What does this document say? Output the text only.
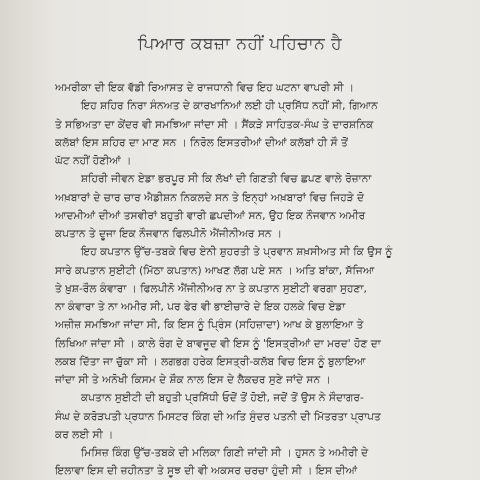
ਪਿਆਰ ਕਬਜ਼ਾ ਨਹੀਂ ਪਹਿਚਾਨ ਹੈ
ਅਮਰੀਕਾ ਦੀ ਇਕ ਵੱਡੀ ਰਿਆਸਤ ਦੇ ਰਾਜਧਾਨੀ ਵਿਚ ਇਹ ਘਟਨਾ ਵਾਪਰੀ ਸੀ ।
ਇਹ ਸ਼ਹਿਰ ਨਿਰਾ ਸੰਨਅਤ ਦੇ ਕਾਰਖਾਨਿਆਂ ਲਈ ਹੀ ਪ੍ਰਸਿੱਧ ਨਹੀਂ ਸੀ, ਗਿਆਨ
ਤੇ ਸਭਿਅਤਾ ਦਾ ਕੇਂਦਰ ਵੀ ਸਮਝਿਆ ਜਾਂਦਾ ਸੀ । ਸੈਂਕੜੇ ਸਾਹਿਤਕ-ਸੰਘ ਤੇ ਦਾਰਸ਼ਨਿਕ
ਕਲੱਬਾਂ ਇਸ ਸ਼ਹਿਰ ਦਾ ਮਾਣ ਸਨ । ਨਿਰੋਲ ਇਸਤਰੀਆਂ ਦੀਆਂ ਕਲੱਬਾਂ ਹੀ ਸੌ ਤੋਂ
ਘੱਟ ਨਹੀਂ ਹੋਣੀਆਂ ।
ਸ਼ਹਿਰੀ ਜੀਵਨ ਏਡਾ ਭਰਪੂਰ ਸੀ ਕਿ ਲੱਖਾਂ ਦੀ ਗਿਣਤੀ ਵਿਚ ਛਪਣ ਵਾਲੇ ਰੋਜ਼ਾਨਾ
ਅਖ਼ਬਾਰਾਂ ਦੇ ਚਾਰ ਚਾਰ ਐਡੀਸ਼ਨ ਨਿਕਲਦੇ ਸਨ ਤੇ ਇਨ੍ਹਾਂ ਅਖ਼ਬਾਰਾਂ ਵਿਚ ਜਿਹੜੇ ਦੋ
ਆਦਮੀਆਂ ਦੀਆਂ ਤਸਵੀਰਾਂ ਬਹੁਤੀ ਵਾਰੀ ਛਪਦੀਆਂ ਸਨ, ਉਹ ਇਕ ਨੌਜਵਾਨ ਅਮੀਰ
ਕਪਤਾਨ ਤੇ ਦੂਜਾ ਇਕ ਨੌਜਵਾਨ ਫਿਲਪੀਨੋ ਐਂਜੀਨੀਅਰ ਸਨ ।
ਇਹ ਕਪਤਾਨ ਉੱਚ-ਤਬਕੇ ਵਿਚ ਏਨੀ ਸ਼ੁਹਰਤੀ ਤੇ ਪ੍ਰਵਾਨ ਸ਼ਖ਼ਸੀਅਤ ਸੀ ਕਿ ਉਸ ਨੂੰ
ਸਾਰੇ ਕਪਤਾਨ ਸੁਈਟੀ (ਮਿੱਠਾ ਕਪਤਾਨ) ਆਖਣ ਲੱਗ ਪਏ ਸਨ । ਅਤਿ ਬਾਂਕਾ, ਸੱਜਿਆ
ਤੇ ਖ਼ੁਸ਼-ਰੌਲ ਕੰਵਾਰਾ । ਫਿਲਪੀਨੋ ਐਂਜੀਨੀਅਰ ਨਾ ਤੇ ਕਪਤਾਨ ਸੁਈਟੀ ਵਰਗਾ ਸੁਹਣਾ,
ਨਾ ਕੰਵਾਰਾ ਤੇ ਨਾ ਅਮੀਰ ਸੀ, ਪਰ ਫੇਰ ਵੀ ਭਾਈਚਾਰੇ ਦੇ ਇਕ ਹਲਕੇ ਵਿਚ ਏਡਾ
ਅਜ਼ੀਜ਼ ਸਮਝਿਆ ਜਾਂਦਾ ਸੀ, ਕਿ ਇਸ ਨੂੰ ਪ੍ਰਿੰਸ (ਸਹਿਜ਼ਾਦਾ) ਆਖ ਕੇ ਬੁਲਾਇਆ ਤੇ
ਲਿਖਿਆ ਜਾਂਦਾ ਸੀ । ਕਾਲੇ ਰੰਗ ਦੇ ਬਾਵਜੂਦ ਵੀ ਇਸ ਨੂੰ 'ਇਸਤ੍ਰੀਆਂ ਦਾ ਮਰਦ' ਹੋਣ ਦਾ
ਲਕਬ ਦਿੱਤਾ ਜਾ ਚੁੱਕਾ ਸੀ । ਲਗਭਗ ਹਰੇਕ ਇਸਤ੍ਰੀ-ਕਲੱਬ ਵਿਚ ਇਸ ਨੂੰ ਬੁਲਾਇਆ
ਜਾਂਦਾ ਸੀ ਤੇ ਅਨੋਖੀ ਕਿਸਮ ਦੇ ਸ਼ੌਕ ਨਾਲ ਇਸ ਦੇ ਲੈਕਚਰ ਸੁਣੇ ਜਾਂਦੇ ਸਨ ।
ਕਪਤਾਨ ਸੁਈਟੀ ਦੀ ਬਹੁਤੀ ਪ੍ਰਸਿੱਧੀ ਓਦੋਂ ਤੋਂ ਹੋਈ, ਜਦੋਂ ਤੋਂ ਉਸ ਨੇ ਸੌਦਾਗਰ-
ਸੰਘ ਦੇ ਕਰੋੜਪਤੀ ਪ੍ਰਧਾਨ ਮਿਸਟਰ ਕਿੰਗ ਦੀ ਅਤਿ ਸੁੰਦਰ ਪਤਨੀ ਦੀ ਮਿੱਤਰਤਾ ਪ੍ਰਾਪਤ
ਕਰ ਲਈ ਸੀ ।
ਮਿਸਿਜ਼ ਕਿੰਗ ਉੱਚ-ਤਬਕੇ ਦੀ ਮਲਿਕਾ ਗਿਣੀ ਜਾਂਦੀ ਸੀ । ਹੁਸਨ ਤੇ ਅਮੀਰੀ ਦੇ
ਇਲਾਵਾ ਇਸ ਦੀ ਜ਼ਹੀਨਤਾ ਤੇ ਸੂਝ ਦੀ ਵੀ ਅਕਸਰ ਚਰਚਾ ਹੁੰਦੀ ਸੀ । ਇਸ ਦੀਆਂ
